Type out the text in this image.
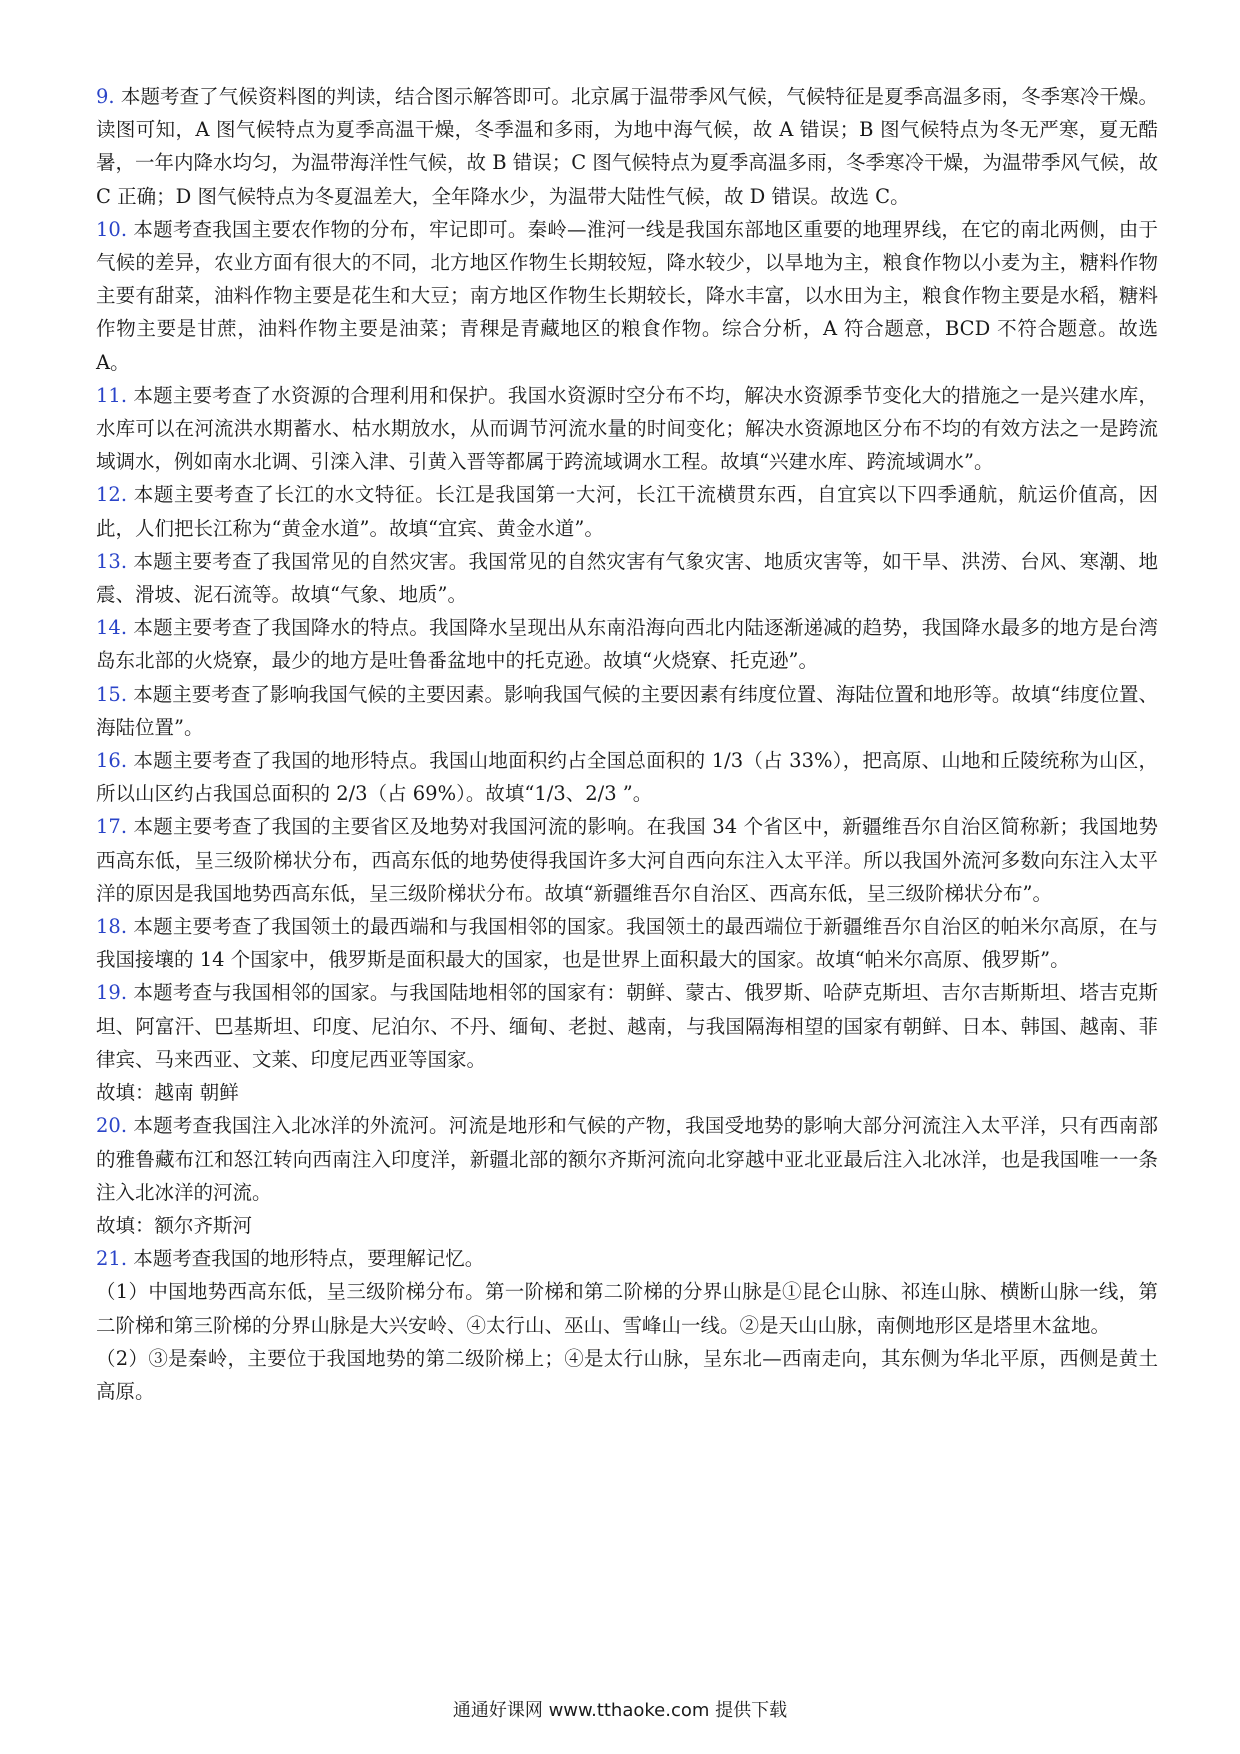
9. 本题考查了气候资料图的判读，结合图示解答即可。北京属于温带季风气候，气候特征是夏季高温多雨，冬季寒冷干燥。读图可知，A 图气候特点为夏季高温干燥，冬季温和多雨，为地中海气候，故 A 错误；B 图气候特点为冬无严寒，夏无酷暑，一年内降水均匀，为温带海洋性气候，故 B 错误；C 图气候特点为夏季高温多雨，冬季寒冷干燥，为温带季风气候，故 C 正确；D 图气候特点为冬夏温差大，全年降水少，为温带大陆性气候，故 D 错误。故选 C。

10. 本题考查我国主要农作物的分布，牢记即可。秦岭—淮河一线是我国东部地区重要的地理界线，在它的南北两侧，由于气候的差异，农业方面有很大的不同，北方地区作物生长期较短，降水较少，以旱地为主，粮食作物以小麦为主，糖料作物主要有甜菜，油料作物主要是花生和大豆；南方地区作物生长期较长，降水丰富，以水田为主，粮食作物主要是水稻，糖料作物主要是甘蔗，油料作物主要是油菜；青稞是青藏地区的粮食作物。综合分析，A 符合题意，BCD 不符合题意。故选 A。

11. 本题主要考查了水资源的合理利用和保护。我国水资源时空分布不均，解决水资源季节变化大的措施之一是兴建水库，水库可以在河流洪水期蓄水、枯水期放水，从而调节河流水量的时间变化；解决水资源地区分布不均的有效方法之一是跨流域调水，例如南水北调、引滦入津、引黄入晋等都属于跨流域调水工程。故填“兴建水库、跨流域调水”。

12. 本题主要考查了长江的水文特征。长江是我国第一大河，长江干流横贯东西，自宜宾以下四季通航，航运价值高，因此，人们把长江称为“黄金水道”。故填“宜宾、黄金水道”。

13. 本题主要考查了我国常见的自然灾害。我国常见的自然灾害有气象灾害、地质灾害等，如干旱、洪涝、台风、寒潮、地震、滑坡、泥石流等。故填“气象、地质”。

14. 本题主要考查了我国降水的特点。我国降水呈现出从东南沿海向西北内陆逐渐递减的趋势，我国降水最多的地方是台湾岛东北部的火烧寮，最少的地方是吐鲁番盆地中的托克逊。故填“火烧寮、托克逊”。

15. 本题主要考查了影响我国气候的主要因素。影响我国气候的主要因素有纬度位置、海陆位置和地形等。故填“纬度位置、海陆位置”。

16. 本题主要考查了我国的地形特点。我国山地面积约占全国总面积的 1/3（占 33%），把高原、山地和丘陵统称为山区，所以山区约占我国总面积的 2/3（占 69%）。故填“1/3、2/3 ”。

17. 本题主要考查了我国的主要省区及地势对我国河流的影响。在我国 34 个省区中，新疆维吾尔自治区简称新；我国地势西高东低，呈三级阶梯状分布，西高东低的地势使得我国许多大河自西向东注入太平洋。所以我国外流河多数向东注入太平洋的原因是我国地势西高东低，呈三级阶梯状分布。故填“新疆维吾尔自治区、西高东低，呈三级阶梯状分布”。

18. 本题主要考查了我国领土的最西端和与我国相邻的国家。我国领土的最西端位于新疆维吾尔自治区的帕米尔高原，在与我国接壤的 14 个国家中，俄罗斯是面积最大的国家，也是世界上面积最大的国家。故填“帕米尔高原、俄罗斯”。

19. 本题考查与我国相邻的国家。与我国陆地相邻的国家有：朝鲜、蒙古、俄罗斯、哈萨克斯坦、吉尔吉斯斯坦、塔吉克斯坦、阿富汗、巴基斯坦、印度、尼泊尔、不丹、缅甸、老挝、越南，与我国隔海相望的国家有朝鲜、日本、韩国、越南、菲律宾、马来西亚、文莱、印度尼西亚等国家。

故填：越南 朝鲜

20. 本题考查我国注入北冰洋的外流河。河流是地形和气候的产物，我国受地势的影响大部分河流注入太平洋，只有西南部的雅鲁藏布江和怒江转向西南注入印度洋，新疆北部的额尔齐斯河流向北穿越中亚北亚最后注入北冰洋，也是我国唯一一条注入北冰洋的河流。

故填：额尔齐斯河

21. 本题考查我国的地形特点，要理解记忆。

（1）中国地势西高东低，呈三级阶梯分布。第一阶梯和第二阶梯的分界山脉是①昆仑山脉、祁连山脉、横断山脉一线，第二阶梯和第三阶梯的分界山脉是大兴安岭、④太行山、巫山、雪峰山一线。②是天山山脉，南侧地形区是塔里木盆地。

（2）③是秦岭，主要位于我国地势的第二级阶梯上；④是太行山脉，呈东北—西南走向，其东侧为华北平原，西侧是黄土高原。

通通好课网 www.tthaoke.com 提供下载
